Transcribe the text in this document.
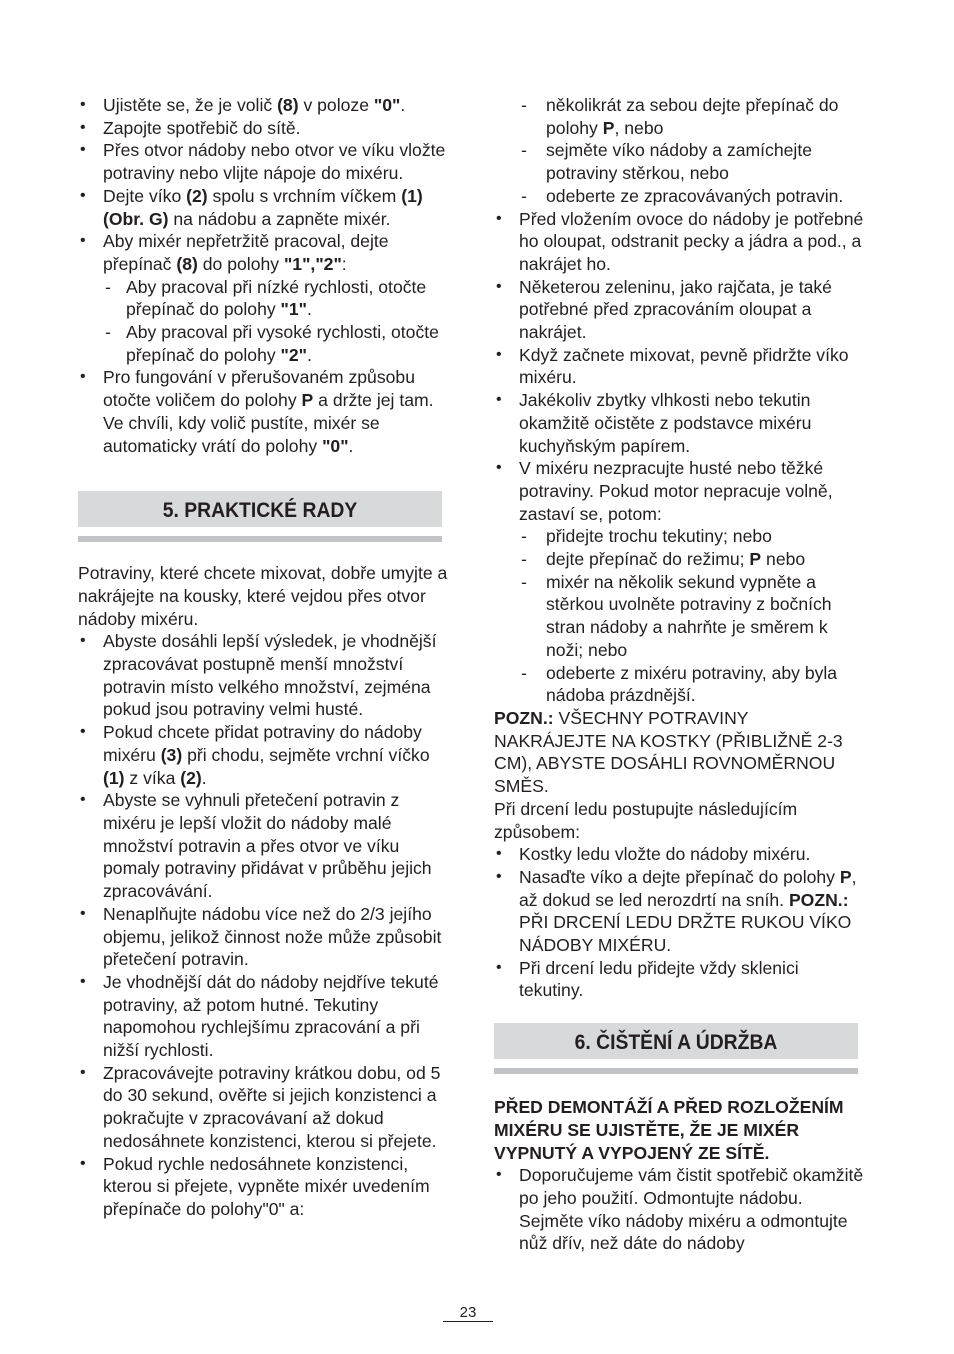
• Ujistěte se, že je volič (8) v poloze "0".
• Zapojte spotřebič do sítě.
• Přes otvor nádoby nebo otvor ve víku vložte potraviny nebo vlijte nápoje do mixéru.
• Dejte víko (2) spolu s vrchním víčkem (1) (Obr. G) na nádobu a zapněte mixér.
• Aby mixér nepřetržitě pracoval, dejte přepínač (8) do polohy "1","2":
- Aby pracoval při nízké rychlosti, otočte přepínač do polohy "1".
- Aby pracoval při vysoké rychlosti, otočte přepínač do polohy "2".
• Pro fungování v přerušovaném způsobu otočte voličem do polohy P a držte jej tam. Ve chvíli, kdy volič pustíte, mixér se automaticky vrátí do polohy "0".
5. PRAKTICKÉ RADY

Potraviny, které chcete mixovat, dobře umyjte a nakrájejte na kousky, které vejdou přes otvor nádoby mixéru.

• Abyste dosáhli lepší výsledek, je vhodnější zpracovávat postupně menší množství potravin místo velkého množství, zejména pokud jsou potraviny velmi husté.
• Pokud chcete přidat potraviny do nádoby mixéru (3) při chodu, sejměte vrchní víčko (1) z víka (2).
• Abyste se vyhnuli přetečení potravin z mixéru je lepší vložit do nádoby malé množství potravin a přes otvor ve víku pomaly potraviny přidávat v průběhu jejich zpracovávání.
• Nenaplňujte nádobu více než do 2/3 jejího objemu, jelikož činnost nože může způsobit přetečení potravin.
• Je vhodnější dát do nádoby nejdříve tekuté potraviny, až potom hutné. Tekutiny napomohou rychlejšímu zpracování a při nižší rychlosti.
• Zpracovávejte potraviny krátkou dobu, od 5 do 30 sekund, ověřte si jejich konzistenci a pokračujte v zpracovávaní až dokud nedosáhnete konzistenci, kterou si přejete.
• Pokud rychle nedosáhnete konzistenci, kterou si přejete, vypněte mixér uvedením přepínače do polohy"0" a:
- několikrát za sebou dejte přepínač do polohy P, nebo
- sejměte víko nádoby a zamíchejte potraviny stěrkou, nebo
- odeberte ze zpracovávaných potravin.
• Před vložením ovoce do nádoby je potřebné ho oloupat, odstranit pecky a jádra a pod., a nakrájet ho.
• Něketerou zeleninu, jako rajčata, je také potřebné před zpracováním oloupat a nakrájet.
• Když začnete mixovat, pevně přidržte víko mixéru.
• Jakékoliv zbytky vlhkosti nebo tekutin okamžitě očistěte z podstavce mixéru kuchyňským papírem.
• V mixéru nezpracujte husté nebo těžké potraviny. Pokud motor nepracuje volně, zastaví se, potom:
- přidejte trochu tekutiny; nebo
- dejte přepínač do režimu; P nebo
- mixér na několik sekund vypněte a stěrkou uvolněte potraviny z bočních stran nádoby a nahrňte je směrem k noži; nebo
- odeberte z mixéru potraviny, aby byla nádoba prázdnější.
POZN.: VŠECHNY POTRAVINY NAKRÁJEJTE NA KOSTKY (PŘIBLIŽNĚ 2-3 CM), ABYSTE DOSÁHLI ROVNOMĚRNOU SMĚS.

Při drcení ledu postupujte následujícím způsobem:

• Kostky ledu vložte do nádoby mixéru.
• Nasaďte víko a dejte přepínač do polohy P, až dokud se led nerozdrtí na sníh. POZN.: PŘI DRCENÍ LEDU DRŽTE RUKOU VÍKO NÁDOBY MIXÉRU.
• Při drcení ledu přidejte vždy sklenici tekutiny.
6. ČIŠTĚNÍ A ÚDRŽBA

PŘED DEMONTÁŽÍ A PŘED ROZLOŽENÍM MIXÉRU SE UJISTĚTE, ŽE JE MIXÉR VYPNUTÝ A VYPOJENÝ ZE SÍTĚ.

• Doporučujeme vám čistit spotřebič okamžitě po jeho použití. Odmontujte nádobu. Sejměte víko nádoby mixéru a odmontujte nůž dřív, než dáte do nádoby
23
